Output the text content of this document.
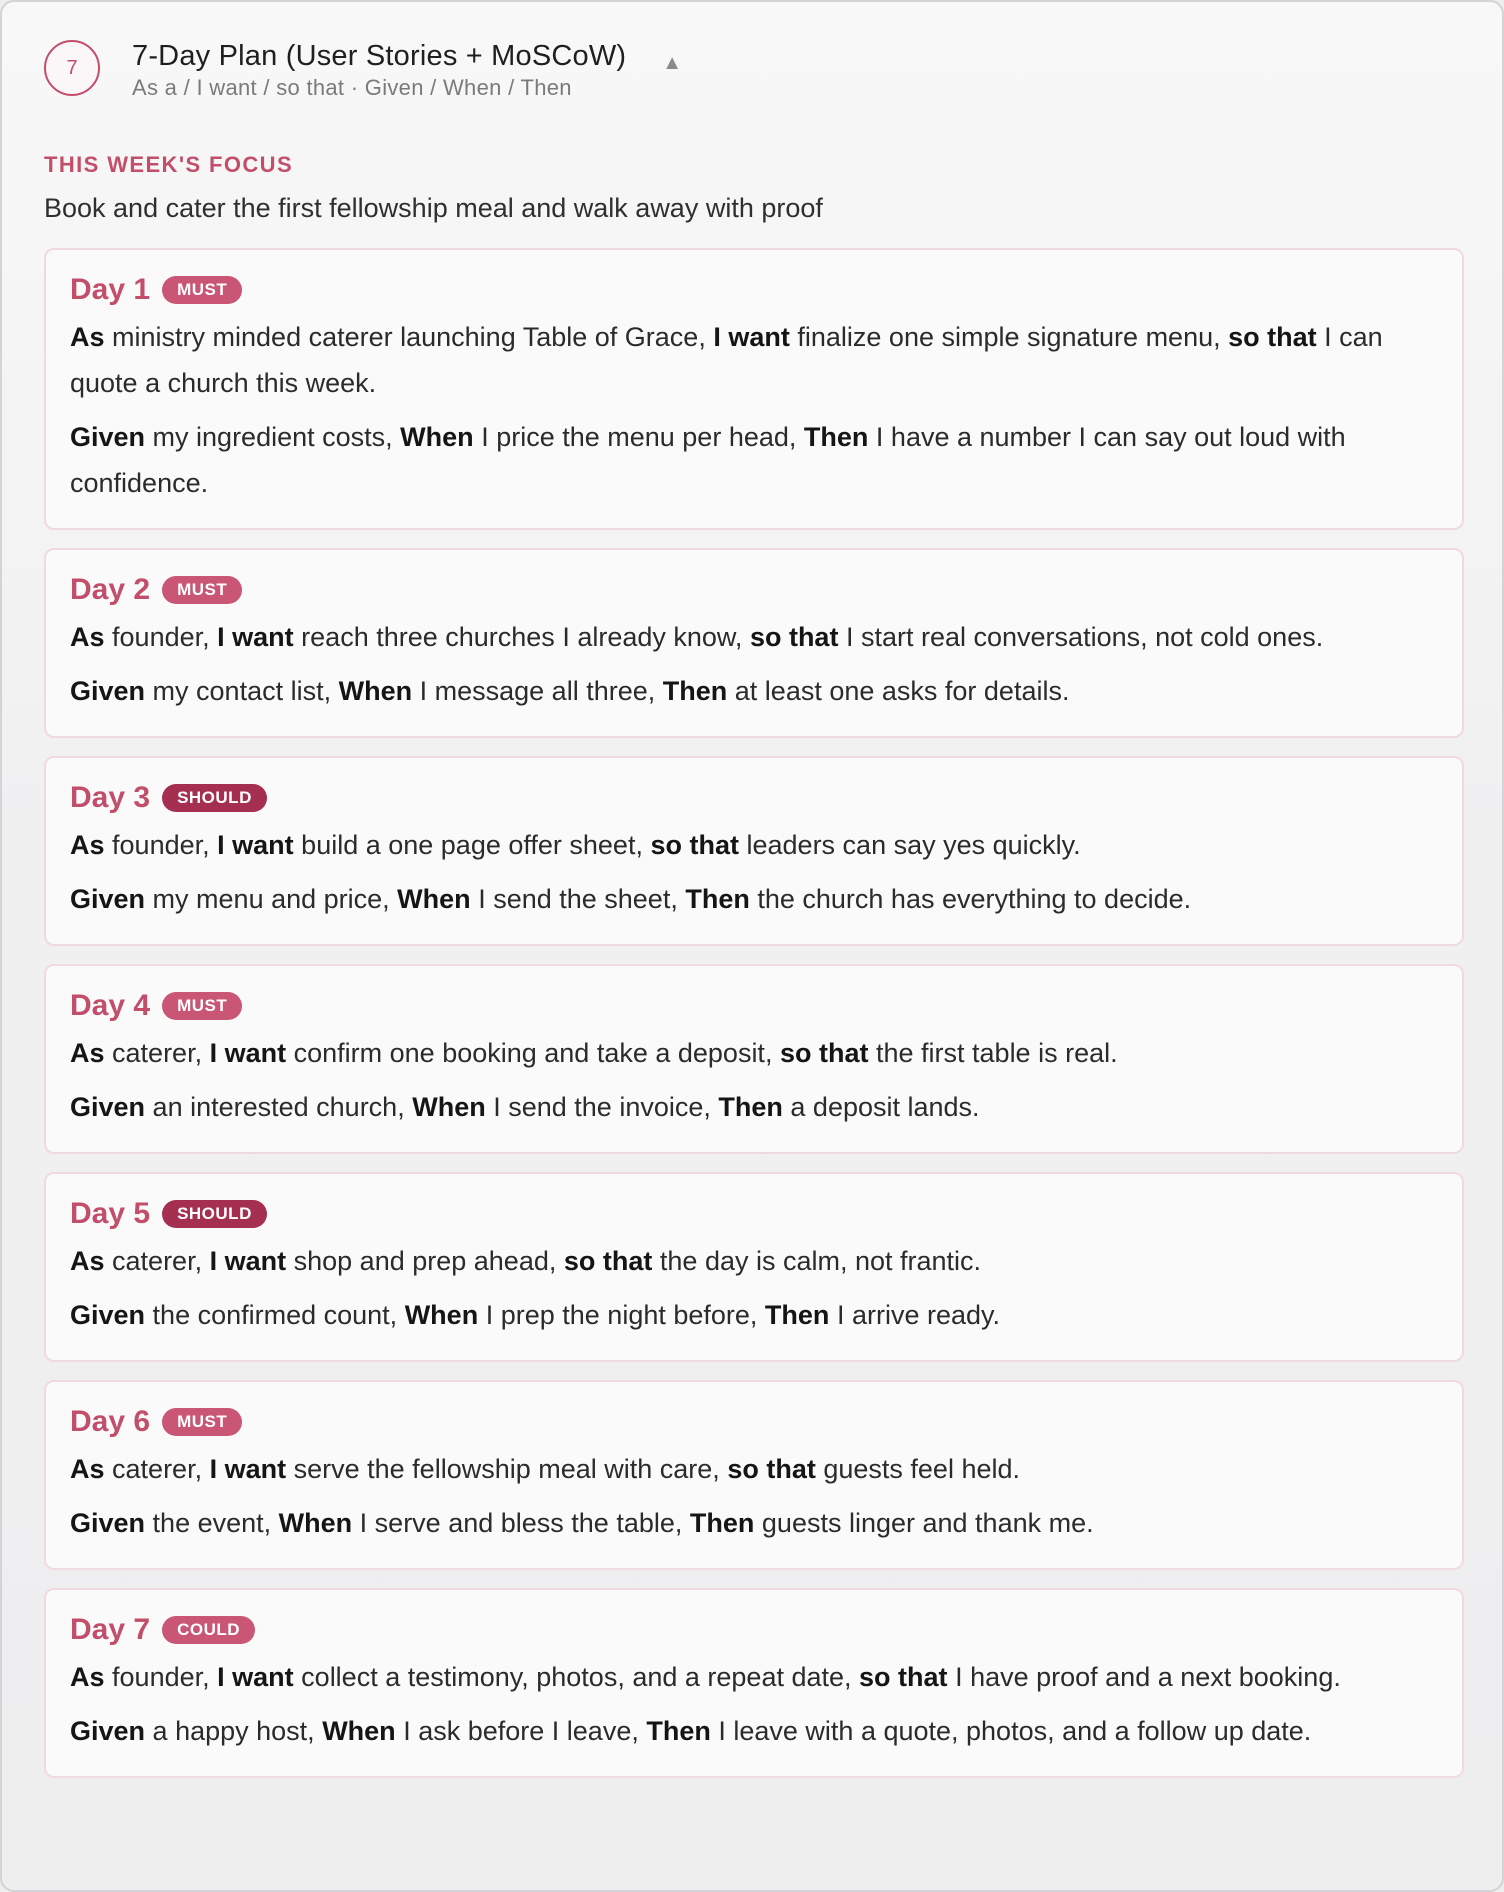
7	7-Day Plan (User Stories + MoSCoW)
As a / I want / so that · Given / When / Then
▲
THIS WEEK'S FOCUS
Book and cater the first fellowship meal and walk away with proof
Day 1	MUST
As ministry minded caterer launching Table of Grace, I want finalize one simple signature menu, so that I can quote a church this week.
Given my ingredient costs, When I price the menu per head, Then I have a number I can say out loud with confidence.
Day 2	MUST
As founder, I want reach three churches I already know, so that I start real conversations, not cold ones.
Given my contact list, When I message all three, Then at least one asks for details.
Day 3	SHOULD
As founder, I want build a one page offer sheet, so that leaders can say yes quickly.
Given my menu and price, When I send the sheet, Then the church has everything to decide.
Day 4	MUST
As caterer, I want confirm one booking and take a deposit, so that the first table is real.
Given an interested church, When I send the invoice, Then a deposit lands.
Day 5	SHOULD
As caterer, I want shop and prep ahead, so that the day is calm, not frantic.
Given the confirmed count, When I prep the night before, Then I arrive ready.
Day 6	MUST
As caterer, I want serve the fellowship meal with care, so that guests feel held.
Given the event, When I serve and bless the table, Then guests linger and thank me.
Day 7	COULD
As founder, I want collect a testimony, photos, and a repeat date, so that I have proof and a next booking.
Given a happy host, When I ask before I leave, Then I leave with a quote, photos, and a follow up date.
